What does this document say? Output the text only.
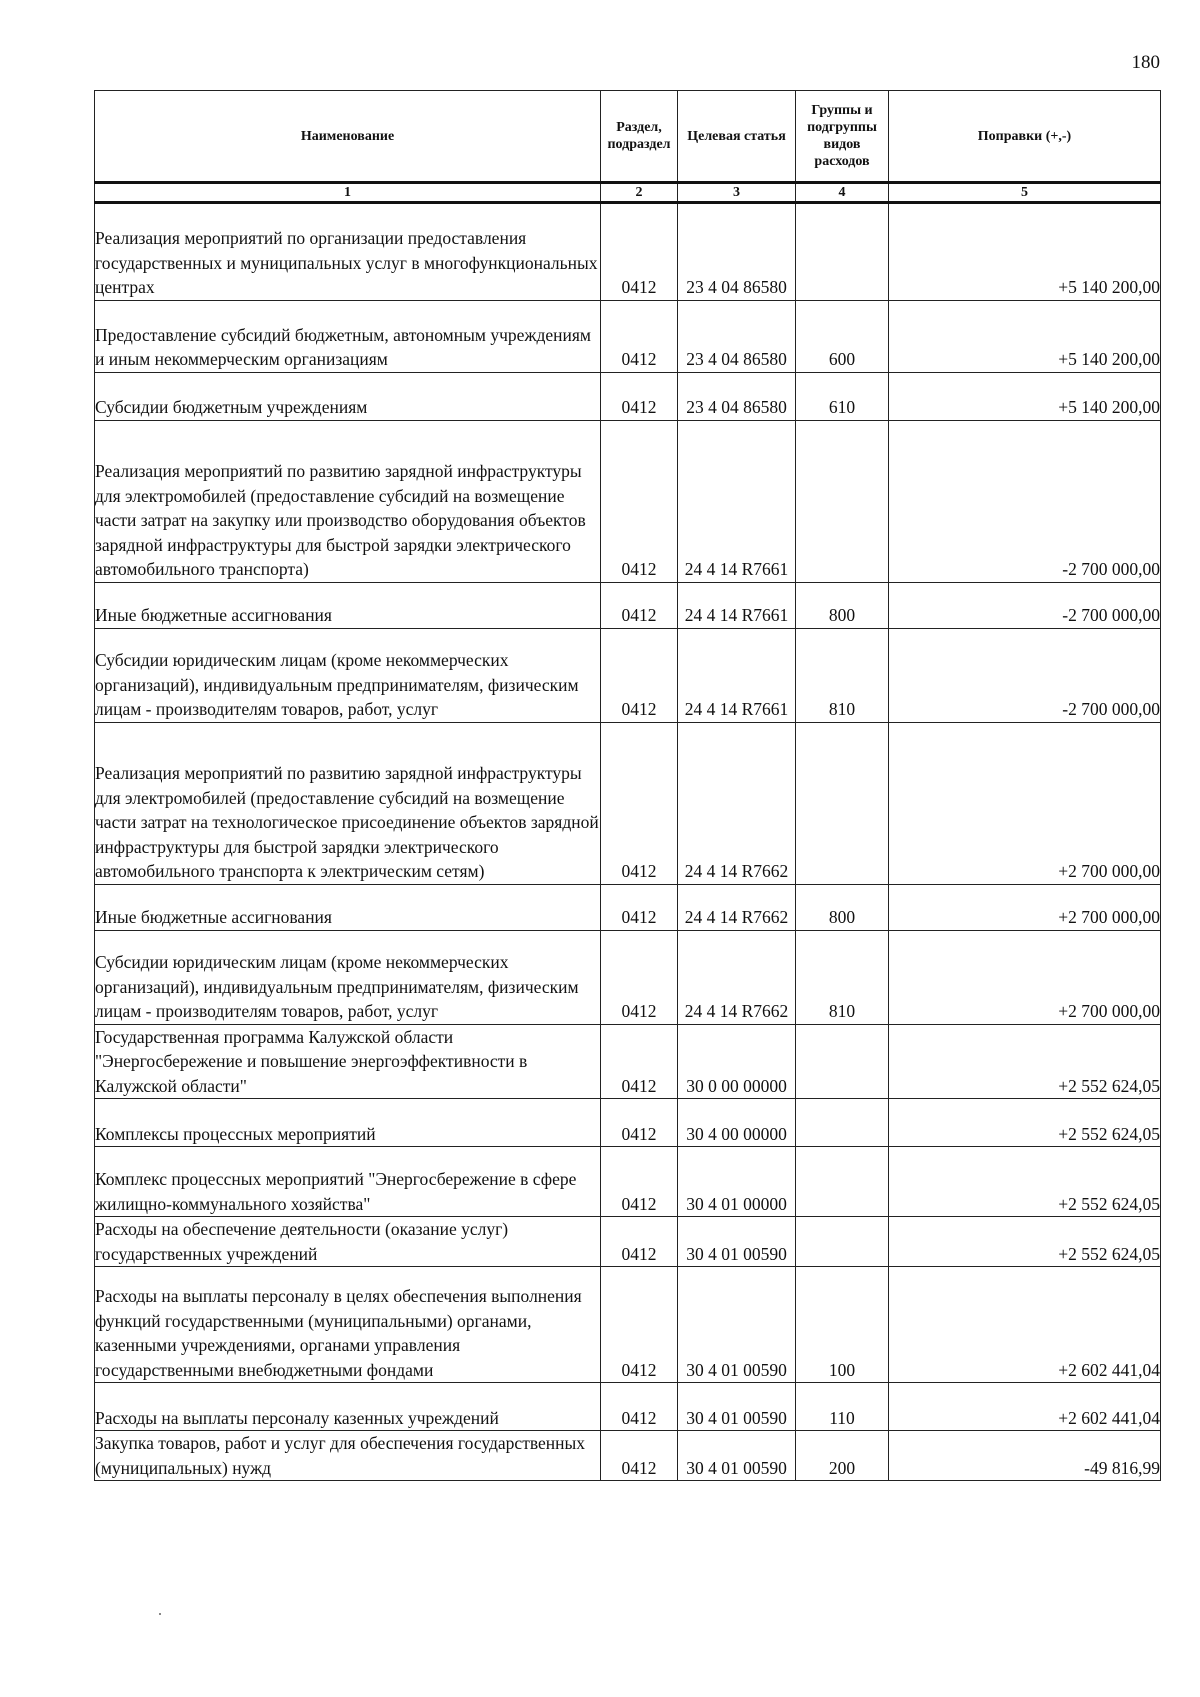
180
Наименование	Раздел, подраздел	Целевая статья	Группы и подгруппы видов расходов	Поправки (+,-)
1	2	3	4	5

Реализация мероприятий по организации предоставления государственных и муниципальных услуг в многофункциональных центрах	0412	23 4 04 86580		+5 140 200,00
Предоставление субсидий бюджетным, автономным учреждениям и иным некоммерческим организациям	0412	23 4 04 86580	600	+5 140 200,00
Субсидии бюджетным учреждениям	0412	23 4 04 86580	610	+5 140 200,00
Реализация мероприятий по развитию зарядной инфраструктуры для электромобилей (предоставление субсидий на возмещение части затрат на закупку или производство оборудования объектов зарядной инфраструктуры для быстрой зарядки электрического автомобильного транспорта)	0412	24 4 14 R7661		-2 700 000,00
Иные бюджетные ассигнования	0412	24 4 14 R7661	800	-2 700 000,00
Субсидии юридическим лицам (кроме некоммерческих организаций), индивидуальным предпринимателям, физическим лицам - производителям товаров, работ, услуг	0412	24 4 14 R7661	810	-2 700 000,00
Реализация мероприятий по развитию зарядной инфраструктуры для электромобилей (предоставление субсидий на возмещение части затрат на технологическое присоединение объектов зарядной инфраструктуры для быстрой зарядки электрического автомобильного транспорта к электрическим сетям)	0412	24 4 14 R7662		+2 700 000,00
Иные бюджетные ассигнования	0412	24 4 14 R7662	800	+2 700 000,00
Субсидии юридическим лицам (кроме некоммерческих организаций), индивидуальным предпринимателям, физическим лицам - производителям товаров, работ, услуг	0412	24 4 14 R7662	810	+2 700 000,00
Государственная программа Калужской области "Энергосбережение и повышение энергоэффективности в Калужской области"	0412	30 0 00 00000		+2 552 624,05
Комплексы процессных мероприятий	0412	30 4 00 00000		+2 552 624,05
Комплекс процессных мероприятий "Энергосбережение в сфере жилищно-коммунального хозяйства"	0412	30 4 01 00000		+2 552 624,05
Расходы на обеспечение деятельности (оказание услуг) государственных учреждений	0412	30 4 01 00590		+2 552 624,05
Расходы на выплаты персоналу в целях обеспечения выполнения функций государственными (муниципальными) органами, казенными учреждениями, органами управления государственными внебюджетными фондами	0412	30 4 01 00590	100	+2 602 441,04
Расходы на выплаты персоналу казенных учреждений	0412	30 4 01 00590	110	+2 602 441,04
Закупка товаров, работ и услуг для обеспечения государственных (муниципальных) нужд	0412	30 4 01 00590	200	-49 816,99
